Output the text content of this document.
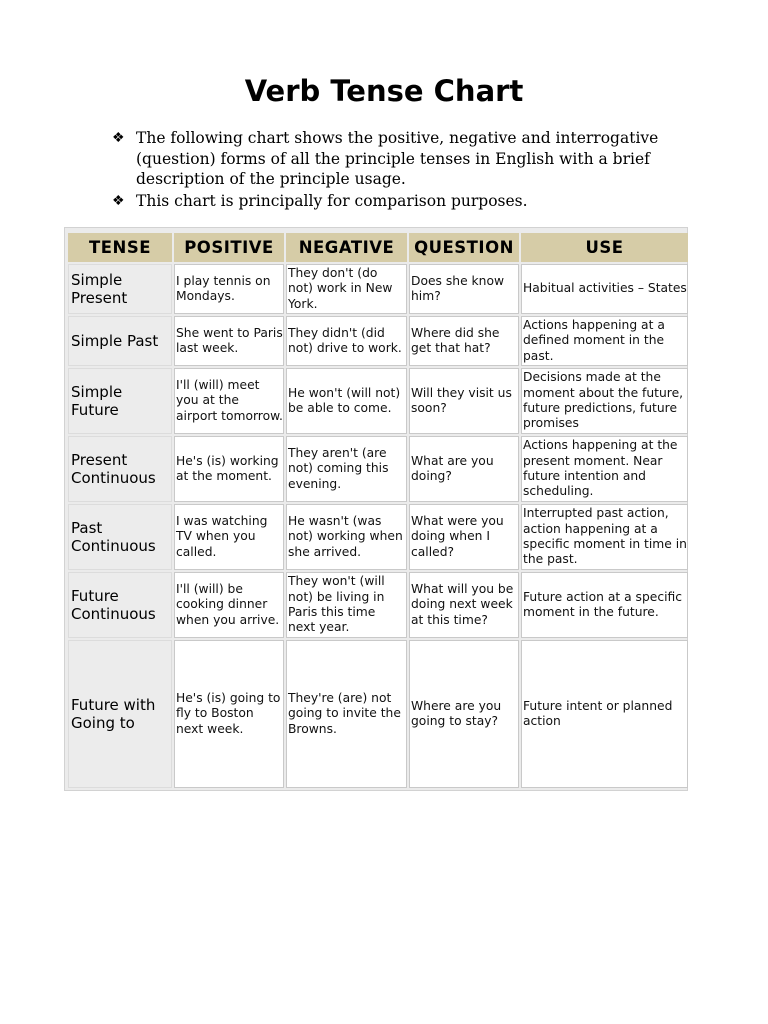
Verb Tense Chart
❖ The following chart shows the positive, negative and interrogative (question) forms of all the principle tenses in English with a brief description of the principle usage.
❖ This chart is principally for comparison purposes.
TENSE	POSITIVE	NEGATIVE	QUESTION	USE
Simple Present	I play tennis on Mondays.	They don't (do not) work in New York.	Does she know him?	Habitual activities – States
Simple Past	She went to Paris last week.	They didn't (did not) drive to work.	Where did she get that hat?	Actions happening at a defined moment in the past.
Simple Future	I'll (will) meet you at the airport tomorrow.	He won't (will not) be able to come.	Will they visit us soon?	Decisions made at the moment about the future, future predictions, future promises
Present Continuous	He's (is) working at the moment.	They aren't (are not) coming this evening.	What are you doing?	Actions happening at the present moment. Near future intention and scheduling.
Past Continuous	I was watching TV when you called.	He wasn't (was not) working when she arrived.	What were you doing when I called?	Interrupted past action, action happening at a specific moment in time in the past.
Future Continuous	I'll (will) be cooking dinner when you arrive.	They won't (will not) be living in Paris this time next year.	What will you be doing next week at this time?	Future action at a specific moment in the future.
Future with Going to	He's (is) going to fly to Boston next week.	They're (are) not going to invite the Browns.	Where are you going to stay?	Future intent or planned action
